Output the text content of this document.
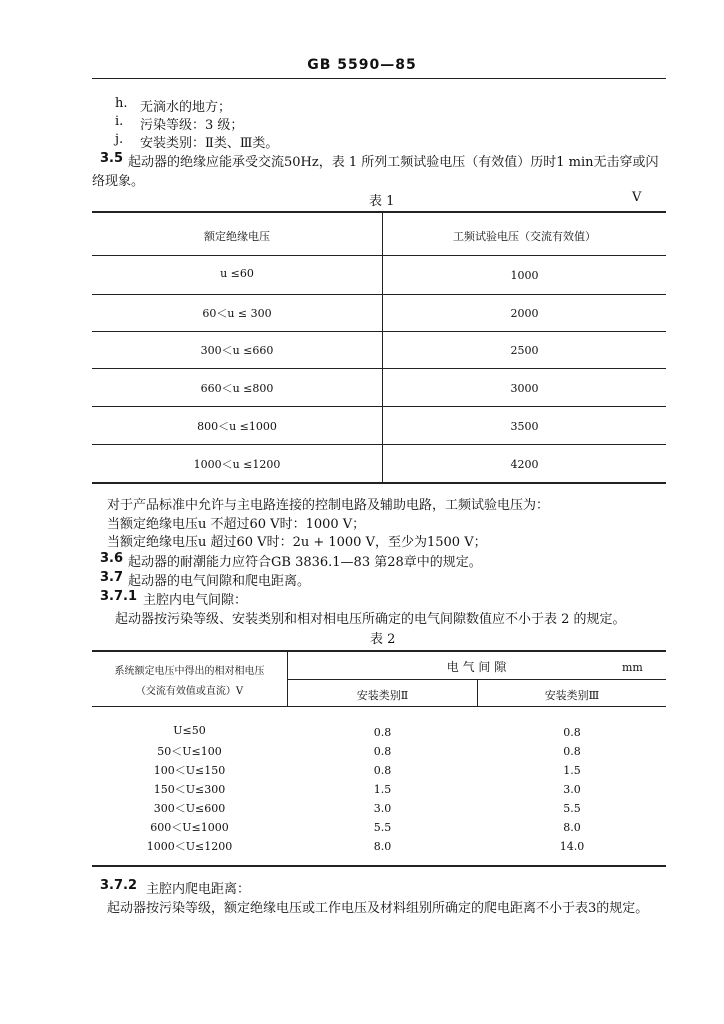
GB 5590—85
h. 无滴水的地方；
i. 污染等级：3 级；
j. 安装类别：Ⅱ类、Ⅲ类。
3.5 起动器的绝缘应能承受交流50Hz，表 1 所列工频试验电压（有效值）历时1 min无击穿或闪
络现象。
表 1	V
额定绝缘电压	工频试验电压（交流有效值）
u ≤60	1000
60＜u ≤ 300	2000
300＜u ≤660	2500
660＜u ≤800	3000
800＜u ≤1000	3500
1000＜u ≤1200	4200
对于产品标准中允许与主电路连接的控制电路及辅助电路，工频试验电压为：
当额定绝缘电压u 不超过60 V时：1000 V；
当额定绝缘电压u 超过60 V时：2u + 1000 V，至少为1500 V；
3.6 起动器的耐潮能力应符合GB 3836.1—83 第28章中的规定。
3.7 起动器的电气间隙和爬电距离。
3.7.1 主腔内电气间隙：
起动器按污染等级、安装类别和相对相电压所确定的电气间隙数值应不小于表 2 的规定。
表 2
系统额定电压中得出的相对相电压
（交流有效值或直流）V
电 气 间 隙	mm
安装类别Ⅱ	安装类别Ⅲ
U≤50	0.8	0.8
50＜U≤100	0.8	0.8
100＜U≤150	0.8	1.5
150＜U≤300	1.5	3.0
300＜U≤600	3.0	5.5
600＜U≤1000	5.5	8.0
1000＜U≤1200	8.0	14.0
3.7.2 主腔内爬电距离：
起动器按污染等级，额定绝缘电压或工作电压及材料组别所确定的爬电距离不小于表3的规定。
